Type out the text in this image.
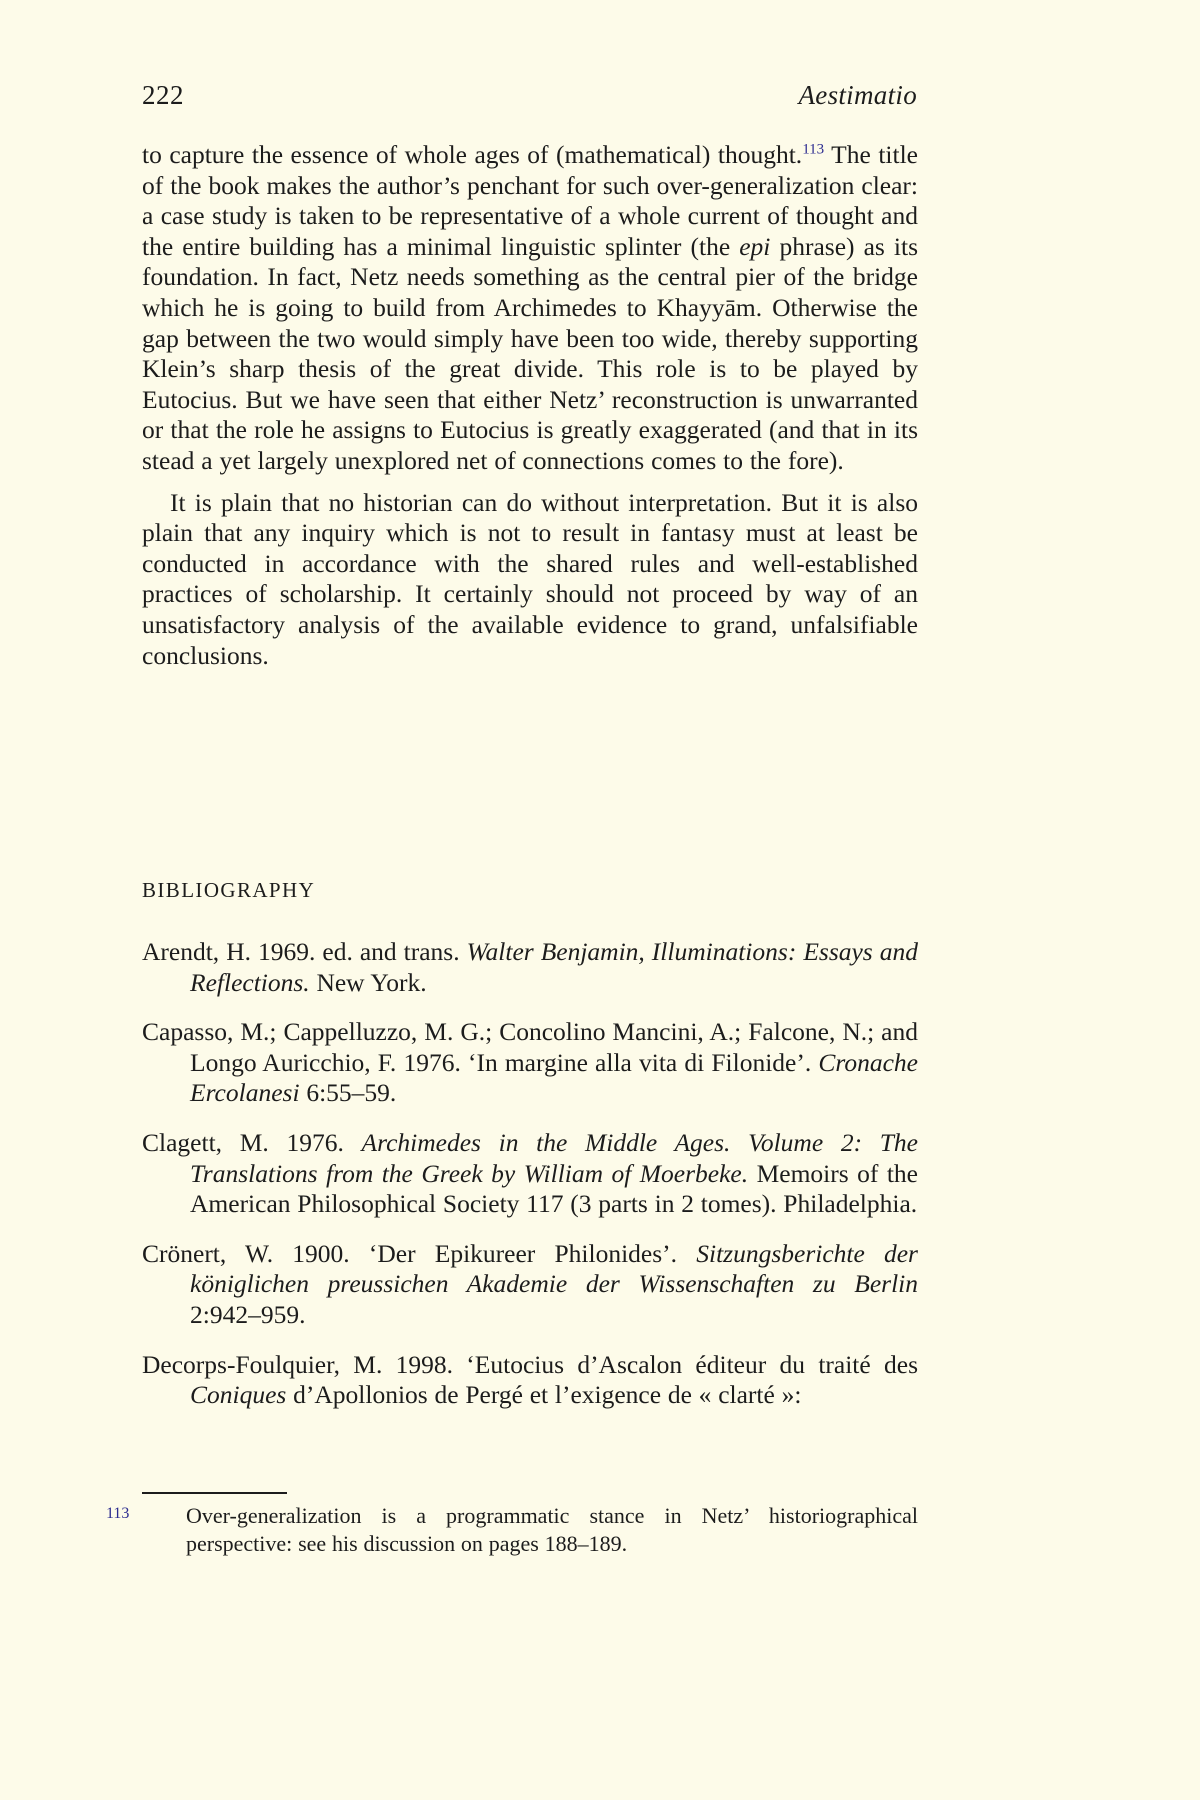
222	Aestimatio

to capture the essence of whole ages of (mathematical) thought.$^{113}$ The title of the book makes the author’s penchant for such over-generalization clear: a case study is taken to be representative of a whole current of thought and the entire building has a minimal linguistic splinter (the epi phrase) as its foundation. In fact, Netz needs something as the central pier of the bridge which he is going to build from Archimedes to Khayyām. Otherwise the gap between the two would simply have been too wide, thereby supporting Klein’s sharp thesis of the great divide. This role is to be played by Eutocius. But we have seen that either Netz’ reconstruction is unwarranted or that the role he assigns to Eutocius is greatly exaggerated (and that in its stead a yet largely unexplored net of connections comes to the fore).

It is plain that no historian can do without interpretation. But it is also plain that any inquiry which is not to result in fantasy must at least be conducted in accordance with the shared rules and well-established practices of scholarship. It certainly should not proceed by way of an unsatisfactory analysis of the available evidence to grand, unfalsifiable conclusions.

BIBLIOGRAPHY

Arendt, H. 1969. ed. and trans. Walter Benjamin, Illuminations: Essays and Reflections. New York.

Capasso, M.; Cappelluzzo, M. G.; Concolino Mancini, A.; Falcone, N.; and Longo Auricchio, F. 1976. ‘In margine alla vita di Filonide’. Cronache Ercolanesi 6:55–59.

Clagett, M. 1976. Archimedes in the Middle Ages. Volume 2: The Translations from the Greek by William of Moerbeke. Memoirs of the American Philosophical Society 117 (3 parts in 2 tomes). Philadelphia.

Crönert, W. 1900. ‘Der Epikureer Philonides’. Sitzungsberichte der königlichen preussichen Akademie der Wissenschaften zu Berlin 2:942–959.

Decorps-Foulquier, M. 1998. ‘Eutocius d’Ascalon éditeur du traité des Coniques d’Apollonios de Pergé et l’exigence de « clarté »:

113	Over-generalization is a programmatic stance in Netz’ historiographical perspective: see his discussion on pages 188–189.
